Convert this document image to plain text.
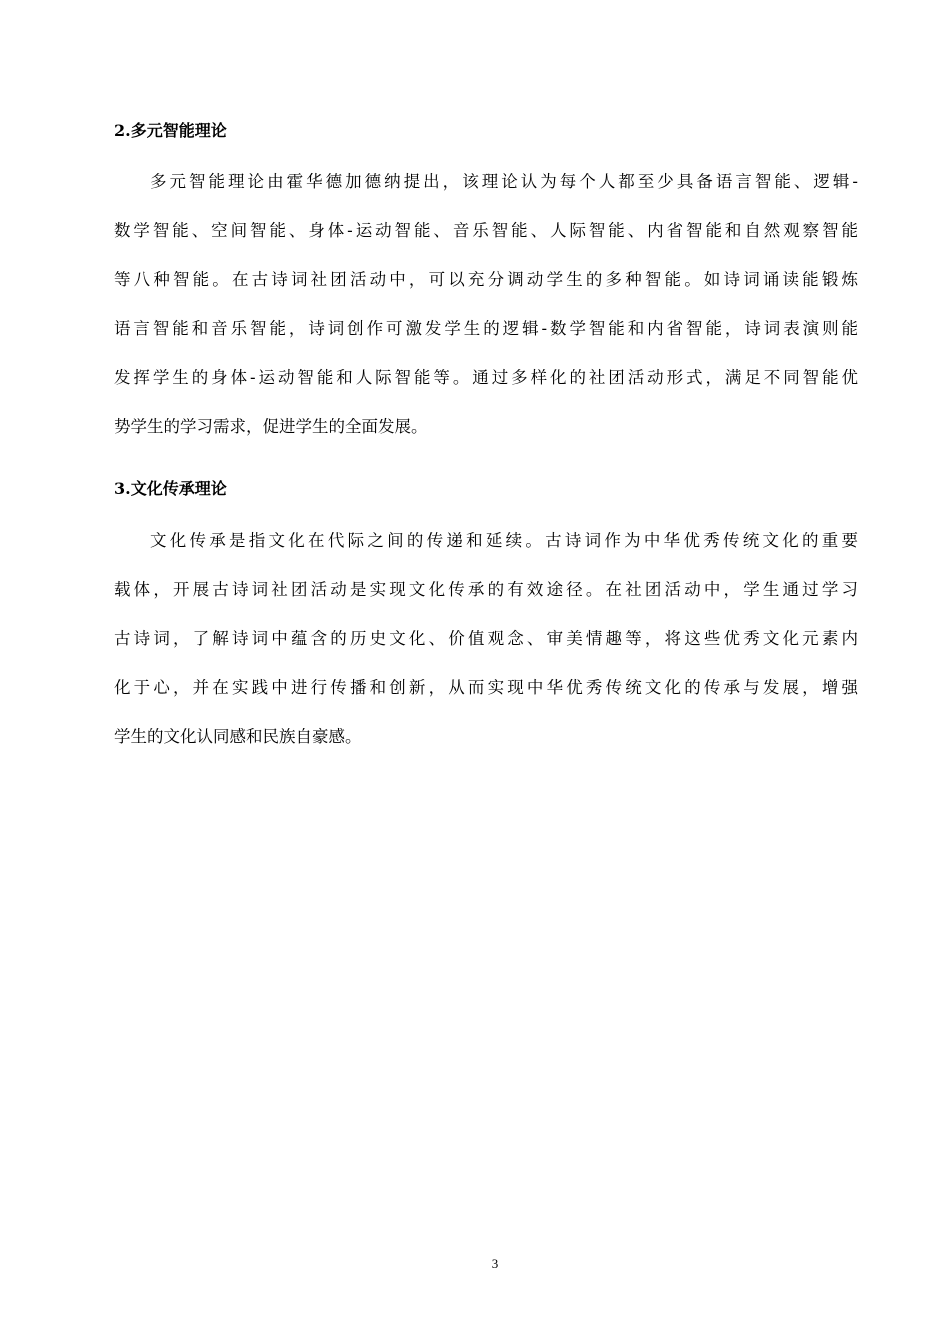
2.多元智能理论
多元智能理论由霍华德加德纳提出，该理论认为每个人都至少具备语言智能、逻辑-
数学智能、空间智能、身体-运动智能、音乐智能、人际智能、内省智能和自然观察智能
等八种智能。在古诗词社团活动中，可以充分调动学生的多种智能。如诗词诵读能锻炼
语言智能和音乐智能，诗词创作可激发学生的逻辑-数学智能和内省智能，诗词表演则能
发挥学生的身体-运动智能和人际智能等。通过多样化的社团活动形式，满足不同智能优
势学生的学习需求，促进学生的全面发展。
3.文化传承理论
文化传承是指文化在代际之间的传递和延续。古诗词作为中华优秀传统文化的重要
载体，开展古诗词社团活动是实现文化传承的有效途径。在社团活动中，学生通过学习
古诗词，了解诗词中蕴含的历史文化、价值观念、审美情趣等，将这些优秀文化元素内
化于心，并在实践中进行传播和创新，从而实现中华优秀传统文化的传承与发展，增强
学生的文化认同感和民族自豪感。
3
